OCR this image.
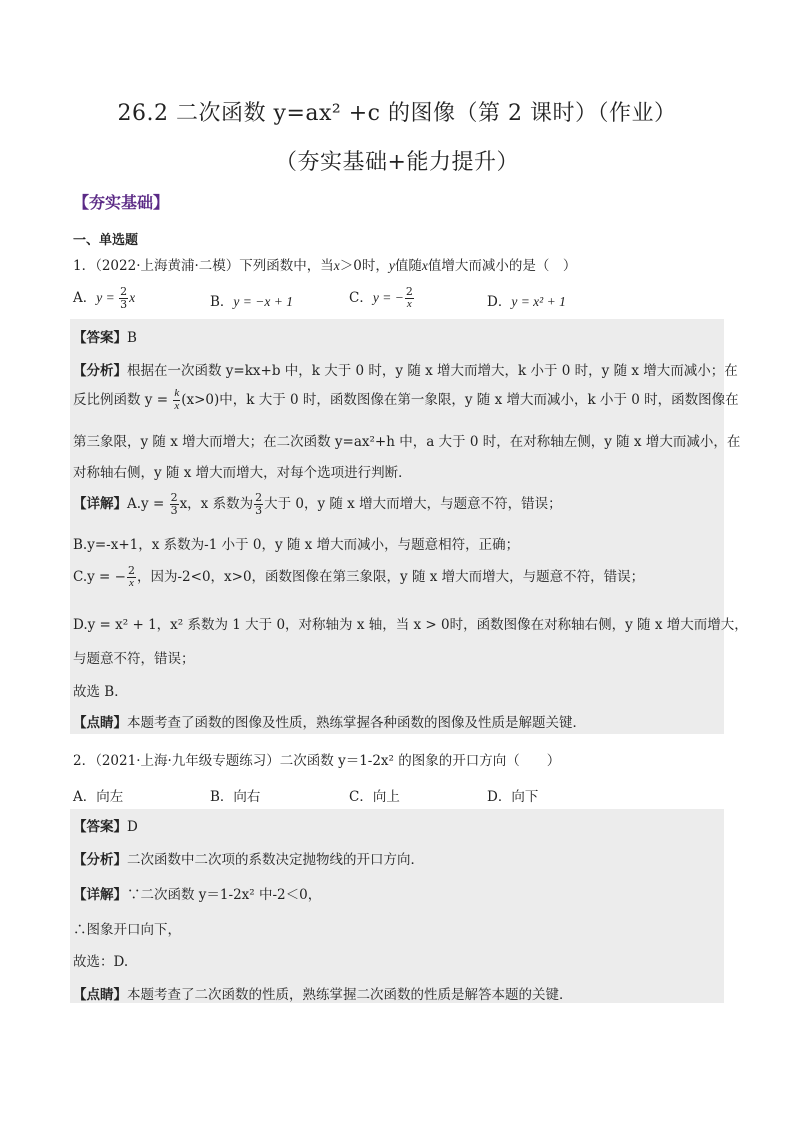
26.2 二次函数 y=ax² +c 的图像（第 2 课时）（作业）
（夯实基础+能力提升）
【夯实基础】
一、单选题
1．（2022·上海黄浦·二模）下列函数中，当x＞0时，y值随x值增大而减小的是（　）
A．$y = \frac{2}{3}$ x	B．y = −x + 1	C．y = − $\frac{2}{x}$	D．y = x² + 1
【答案】B
【分析】根据在一次函数 y=kx+b 中，k 大于 0 时，y 随 x 增大而增大，k 小于 0 时，y 随 x 增大而减小；在
反比例函数 $y = \frac{k}{x} (x>0)$中，k 大于 0 时，函数图像在第一象限，y 随 x 增大而减小，k 小于 0 时，函数图像在
第三象限，y 随 x 增大而增大；在二次函数 y=ax²+h 中，a 大于 0 时，在对称轴左侧，y 随 x 增大而减小，在
对称轴右侧，y 随 x 增大而增大，对每个选项进行判断．
【详解】$A.y = \frac{2}{3}$ x，x 系数为 $\frac{2}{3}$ 大于 0，y 随 x 增大而增大，与题意不符，错误；
B.y=-x+1，x 系数为-1 小于 0，y 随 x 增大而减小，与题意相符，正确；
C.y = − $\frac{2}{x}$ ，因为-2<0，x>0，函数图像在第三象限，y 随 x 增大而增大，与题意不符，错误；
D.y = x² + 1，x² 系数为 1 大于 0，对称轴为 x 轴，当 x > 0时，函数图像在对称轴右侧，y 随 x 增大而增大，
与题意不符，错误；
故选 B．
【点睛】本题考查了函数的图像及性质，熟练掌握各种函数的图像及性质是解题关键．
2．（2021·上海·九年级专题练习）二次函数 y＝1-2x² 的图象的开口方向（　　）
A．向左	B．向右	C．向上	D．向下
【答案】D
【分析】二次函数中二次项的系数决定抛物线的开口方向．
【详解】∵二次函数 y＝1-2x² 中-2＜0，
∴图象开口向下，
故选：D.
【点睛】本题考查了二次函数的性质，熟练掌握二次函数的性质是解答本题的关键．
